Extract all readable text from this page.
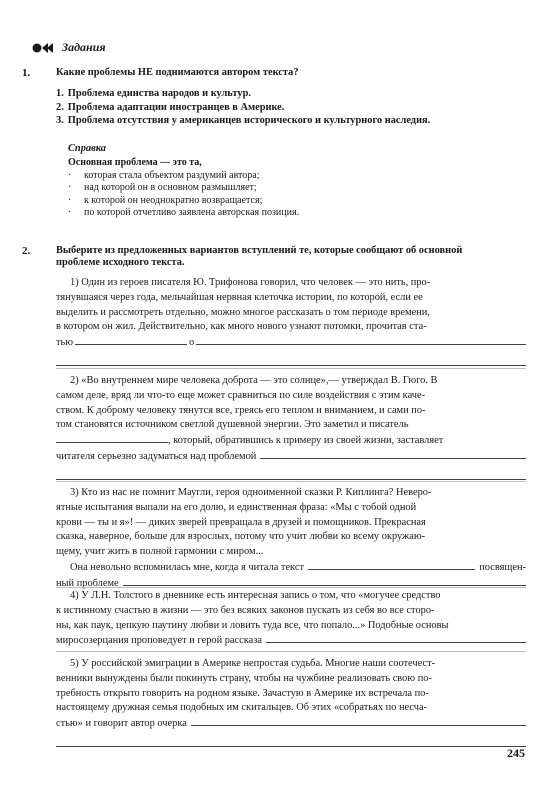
Задания
1. Какие проблемы НЕ поднимаются автором текста?
1. Проблема единства народов и культур.
2. Проблема адаптации иностранцев в Америке.
3. Проблема отсутствия у американцев исторического и культурного наследия.
Справка
Основная проблема — это та,
· которая стала объектом раздумий автора;
· над которой он в основном размышляет;
· к которой он неоднократно возвращается;
· по которой отчетливо заявлена авторская позиция.
2. Выберите из предложенных вариантов вступлений те, которые сообщают об основной
проблеме исходного текста.
1) Один из героев писателя Ю. Трифонова говорил, что человек — это нить, про-
тянувшаяся через года, мельчайшая нервная клеточка истории, по которой, если ее
выделить и рассмотреть отдельно, можно многое рассказать о том периоде времени,
в котором он жил. Действительно, как много нового узнают потомки, прочитав ста-
тью	о
2) «Во внутреннем мире человека доброта — это солнце»,— утверждал В. Гюго. В
самом деле, вряд ли что-то еще может сравниться по силе воздействия с этим каче-
ством. К доброму человеку тянутся все, греясь его теплом и вниманием, и сами по-
том становятся источником светлой душевной энергии. Это заметил и писатель
, который, обратившись к примеру из своей жизни, заставляет
читателя серьезно задуматься над проблемой
3) Кто из нас не помнит Маугли, героя одноименной сказки Р. Киплинга? Неверо-
ятные испытания выпали на его долю, и единственная фраза: «Мы с тобой одной
крови — ты и я»! — диких зверей превращала в друзей и помощников. Прекрасная
сказка, наверное, больше для взрослых, потому что учит любви ко всему окружаю-
щему, учит жить в полной гармонии с миром...
Она невольно вспомнилась мне, когда я читала текст	посвящен-
ный проблеме
4) У Л.Н. Толстого в дневнике есть интересная запись о том, что «могучее средство
к истинному счастью в жизни — это без всяких законов пускать из себя во все сторо-
ны, как паук, цепкую паутину любви и ловить туда все, что попало...» Подобные основы
миросозерцания проповедует и герой рассказа
5) У российской эмиграции в Америке непростая судьба. Многие наши соотечест-
венники вынуждены были покинуть страну, чтобы на чужбине реализовать свою по-
требность открыто говорить на родном языке. Зачастую в Америке их встречала по-
настоящему дружная семья подобных им скитальцев. Об этих «собратьях по несча-
стью» и говорит автор очерка
245
